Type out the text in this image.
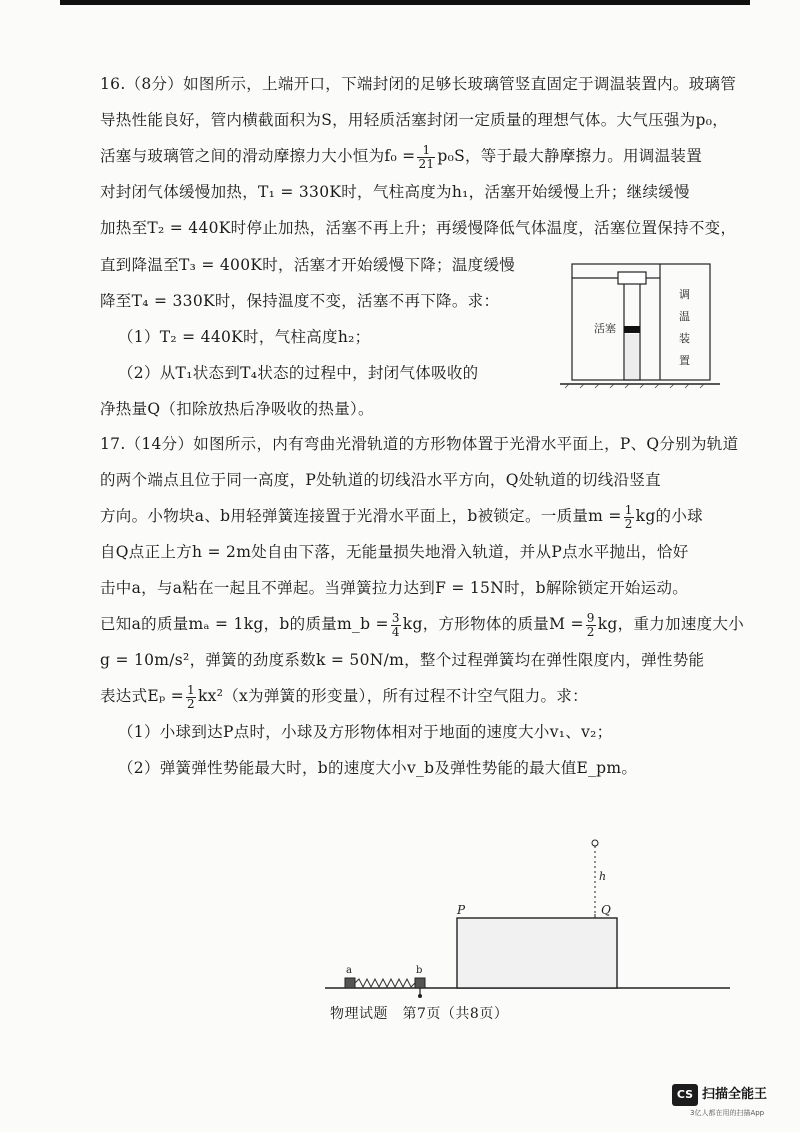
16.（8分）如图所示，上端开口，下端封闭的足够长玻璃管竖直固定于调温装置内。玻璃管
导热性能良好，管内横截面积为S，用轻质活塞封闭一定质量的理想气体。大气压强为p₀，
活塞与玻璃管之间的滑动摩擦力大小恒为$f_0 = \frac{1}{21} p_0S$，等于最大静摩擦力。用调温装置
对封闭气体缓慢加热，T₁ = 330K时，气柱高度为h₁，活塞开始缓慢上升；继续缓慢
加热至T₂ = 440K时停止加热，活塞不再上升；再缓慢降低气体温度，活塞位置保持不变，
直到降温至T₃ = 400K时，活塞才开始缓慢下降；温度缓慢
降至T₄ = 330K时，保持温度不变，活塞不再下降。求：
（1）T₂ = 440K时，气柱高度h₂；
（2）从T₁状态到T₄状态的过程中，封闭气体吸收的
净热量Q（扣除放热后净吸收的热量）。
活塞
调
温
装
置
17.（14分）如图所示，内有弯曲光滑轨道的方形物体置于光滑水平面上，P、Q分别为轨道
的两个端点且位于同一高度，P处轨道的切线沿水平方向，Q处轨道的切线沿竖直
方向。小物块a、b用轻弹簧连接置于光滑水平面上，b被锁定。一质量$m = \frac{1}{2}$ kg的小球
自Q点正上方h = 2m处自由下落，无能量损失地滑入轨道，并从P点水平抛出，恰好
击中a，与a粘在一起且不弹起。当弹簧拉力达到F = 15N时，b解除锁定开始运动。
已知a的质量mₐ = 1kg，b的质量m_b = $\frac{3}{4}$ kg，方形物体的质量$M = \frac{9}{2}$ kg，重力加速度大小
g = 10m/s²，弹簧的劲度系数k = 50N/m，整个过程弹簧均在弹性限度内，弹性势能
表达式$E_p = \frac{1}{2} kx^2(x$为弹簧的形变量），所有过程不计空气阻力。求：
（1）小球到达P点时，小球及方形物体相对于地面的速度大小v₁、v₂；
（2）弹簧弹性势能最大时，b的速度大小v_b及弹性势能的最大值E_pm。
P	Q
h
a	b
物理试题　第7页（共8页）
CS 扫描全能王
3亿人都在用的扫描App
